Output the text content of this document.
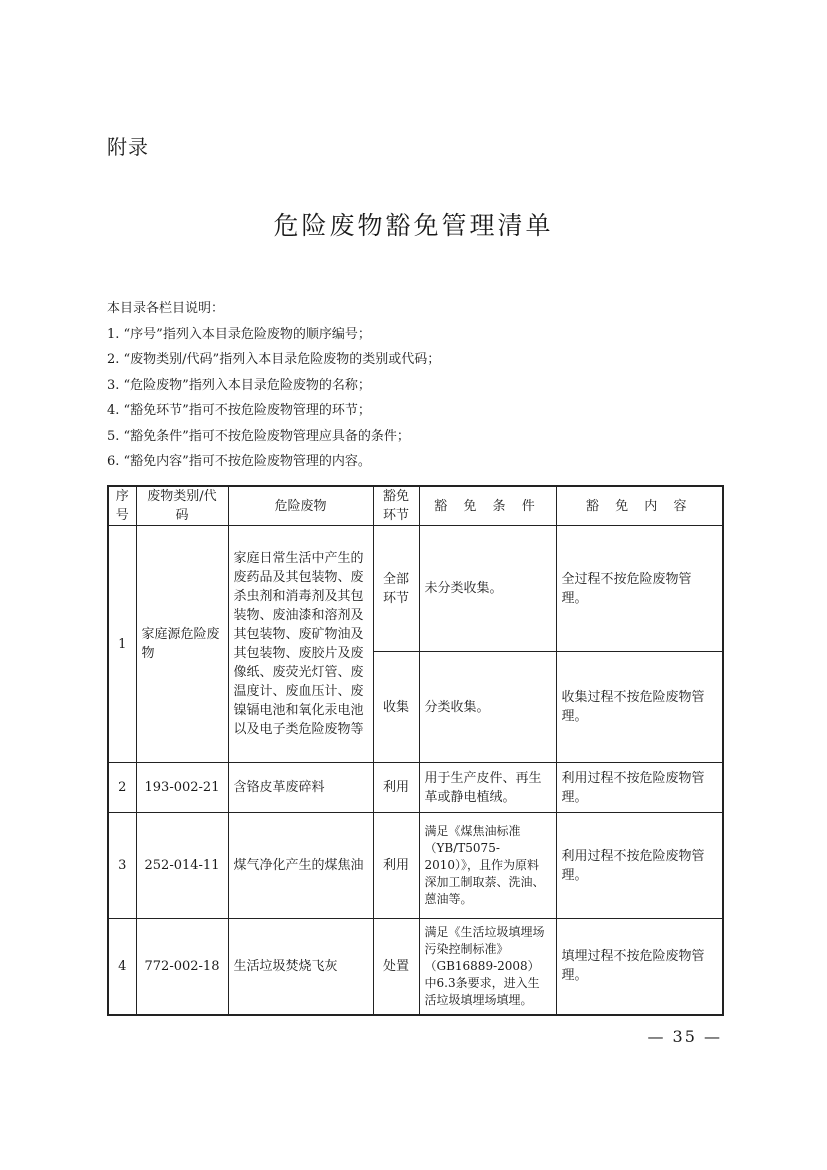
附录
危险废物豁免管理清单
本目录各栏目说明：
1. “序号”指列入本目录危险废物的顺序编号；
2. “废物类别/代码”指列入本目录危险废物的类别或代码；
3. “危险废物”指列入本目录危险废物的名称；
4. “豁免环节”指可不按危险废物管理的环节；
5. “豁免条件”指可不按危险废物管理应具备的条件；
6. “豁免内容”指可不按危险废物管理的内容。
序号	废物类别/代码	危险废物	豁免环节	豁 免 条 件	豁 免 内 容
1	家庭源危险废物	家庭日常生活中产生的废药品及其包装物、废杀虫剂和消毒剂及其包装物、废油漆和溶剂及其包装物、废矿物油及其包装物、废胶片及废像纸、废荧光灯管、废温度计、废血压计、废镍镉电池和氧化汞电池以及电子类危险废物等	全部环节	未分类收集。	全过程不按危险废物管理。
			收集	分类收集。	收集过程不按危险废物管理。
2	193-002-21	含铬皮革废碎料	利用	用于生产皮件、再生革或静电植绒。	利用过程不按危险废物管理。
3	252-014-11	煤气净化产生的煤焦油	利用	满足《煤焦油标准（YB/T5075-2010）》，且作为原料深加工制取萘、洗油、蒽油等。	利用过程不按危险废物管理。
4	772-002-18	生活垃圾焚烧飞灰	处置	满足《生活垃圾填埋场污染控制标准》（GB16889-2008）中6.3条要求，进入生活垃圾填埋场填埋。	填埋过程不按危险废物管理。
— 35 —
